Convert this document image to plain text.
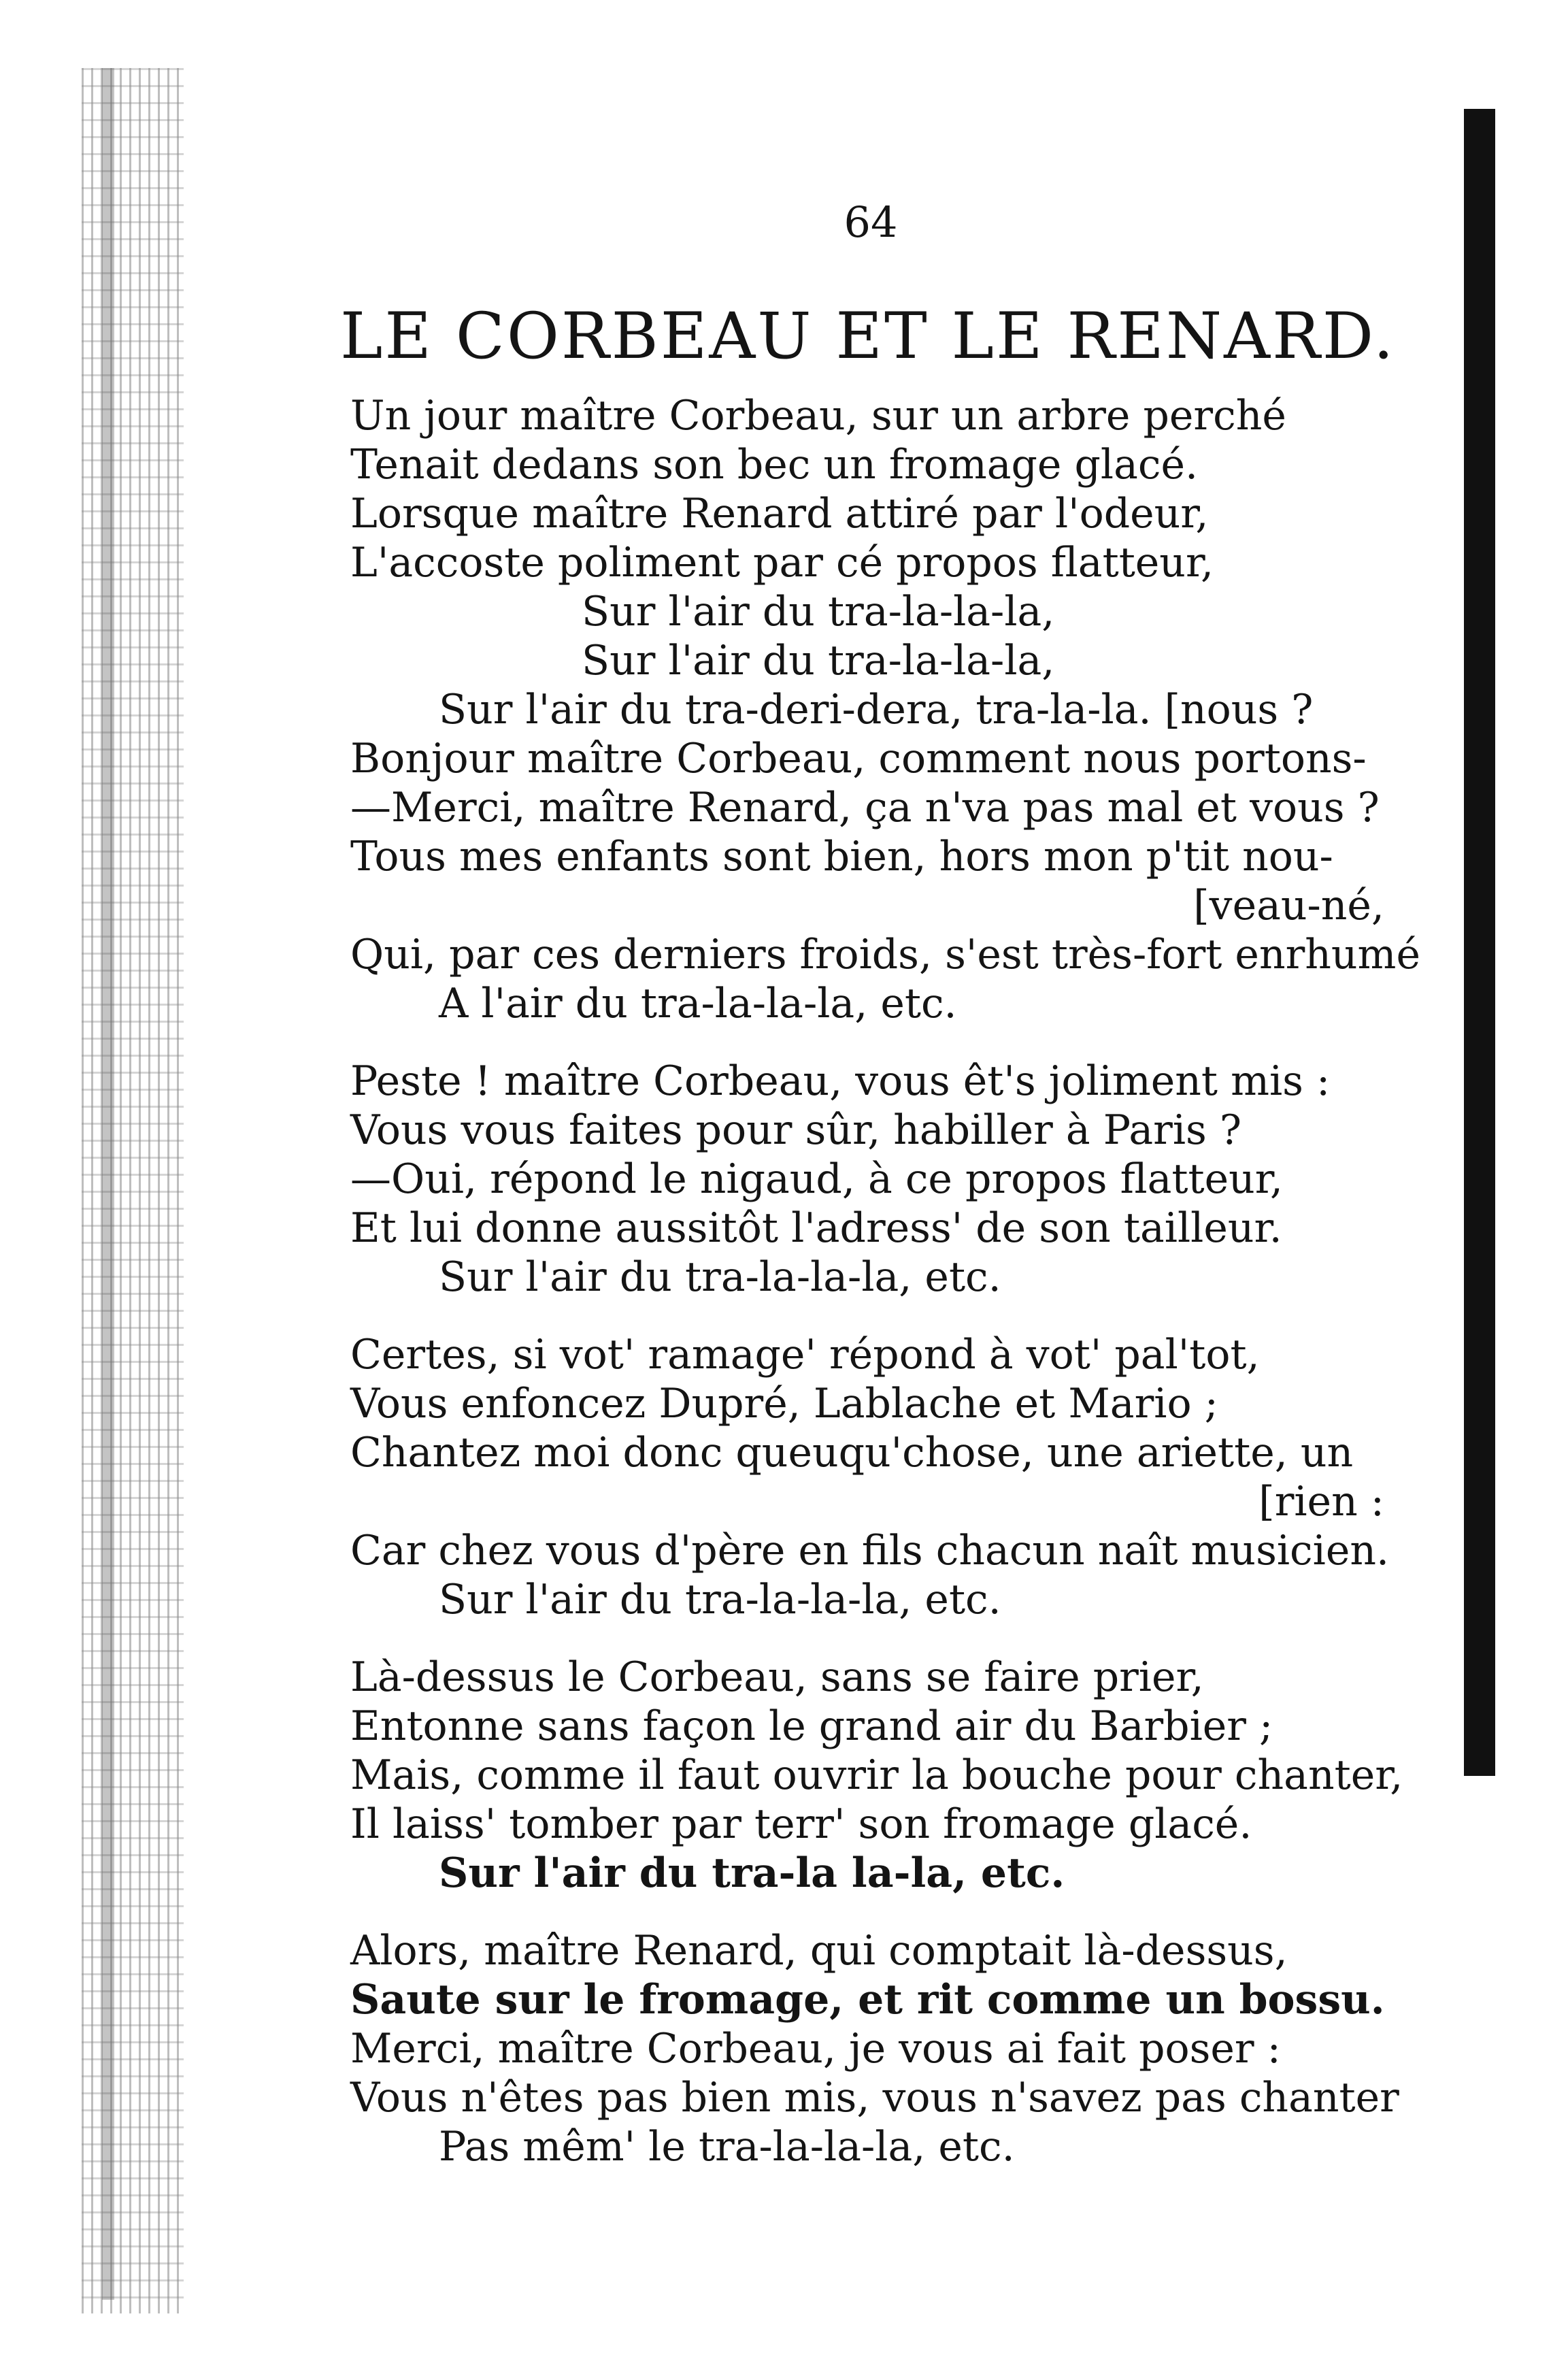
64
LE CORBEAU ET LE RENARD.
Un jour maître Corbeau, sur un arbre perché
Tenait dedans son bec un fromage glacé.
Lorsque maître Renard attiré par l'odeur,
L'accoste poliment par cé propos flatteur,
Sur l'air du tra-la-la-la,
Sur l'air du tra-la-la-la,
Sur l'air du tra-deri-dera, tra-la-la. [nous ?
Bonjour maître Corbeau, comment nous portons-
—Merci, maître Renard, ça n'va pas mal et vous ?
Tous mes enfants sont bien, hors mon p'tit nou-
[veau-né,
Qui, par ces derniers froids, s'est très-fort enrhumé
A l'air du tra-la-la-la, etc.
Peste ! maître Corbeau, vous êt's joliment mis :
Vous vous faites pour sûr, habiller à Paris ?
—Oui, répond le nigaud, à ce propos flatteur,
Et lui donne aussitôt l'adress' de son tailleur.
Sur l'air du tra-la-la-la, etc.
Certes, si vot' ramage' répond à vot' pal'tot,
Vous enfoncez Dupré, Lablache et Mario ;
Chantez moi donc queuqu'chose, une ariette, un
[rien :
Car chez vous d'père en fils chacun naît musicien.
Sur l'air du tra-la-la-la, etc.
Là-dessus le Corbeau, sans se faire prier,
Entonne sans façon le grand air du Barbier ;
Mais, comme il faut ouvrir la bouche pour chanter,
Il laiss' tomber par terr' son fromage glacé.
Sur l'air du tra-la la-la, etc.
Alors, maître Renard, qui comptait là-dessus,
Saute sur le fromage, et rit comme un bossu.
Merci, maître Corbeau, je vous ai fait poser :
Vous n'êtes pas bien mis, vous n'savez pas chanter
Pas mêm' le tra-la-la-la, etc.
